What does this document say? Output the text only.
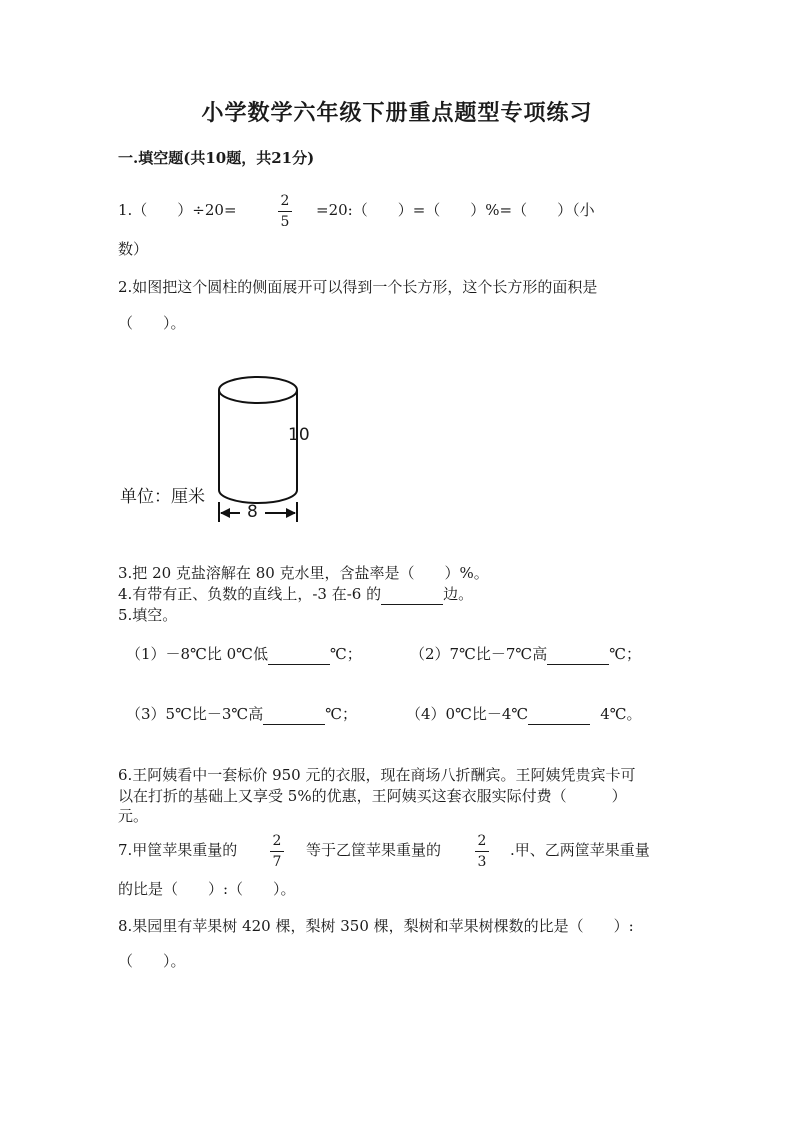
小学数学六年级下册重点题型专项练习
一.填空题(共10题，共21分)
1.（　　）÷20=	2
5
=20:（　　）=（　　）%=（　　）（小
数）
2.如图把这个圆柱的侧面展开可以得到一个长方形，这个长方形的面积是
（　　）。
10
8
单位：厘米
3.把 20 克盐溶解在 80 克水里，含盐率是（　　）%。
4.有带有正、负数的直线上，-3 在-6 的	边。
5.填空。
（1）－8℃比 0℃低	℃；	（2）7℃比－7℃高	℃；
（3）5℃比－3℃高	℃；	（4）0℃比－4℃	4℃。
6.王阿姨看中一套标价 950 元的衣服，现在商场八折酬宾。王阿姨凭贵宾卡可
以在打折的基础上又享受 5%的优惠，王阿姨买这套衣服实际付费（　　　）
元。
7.甲筐苹果重量的	2
7
等于乙筐苹果重量的	2
3
.甲、乙两筐苹果重量
的比是（　　）:（　　）。
8.果园里有苹果树 420 棵，梨树 350 棵，梨树和苹果树棵数的比是（　　）:
（　　）。
